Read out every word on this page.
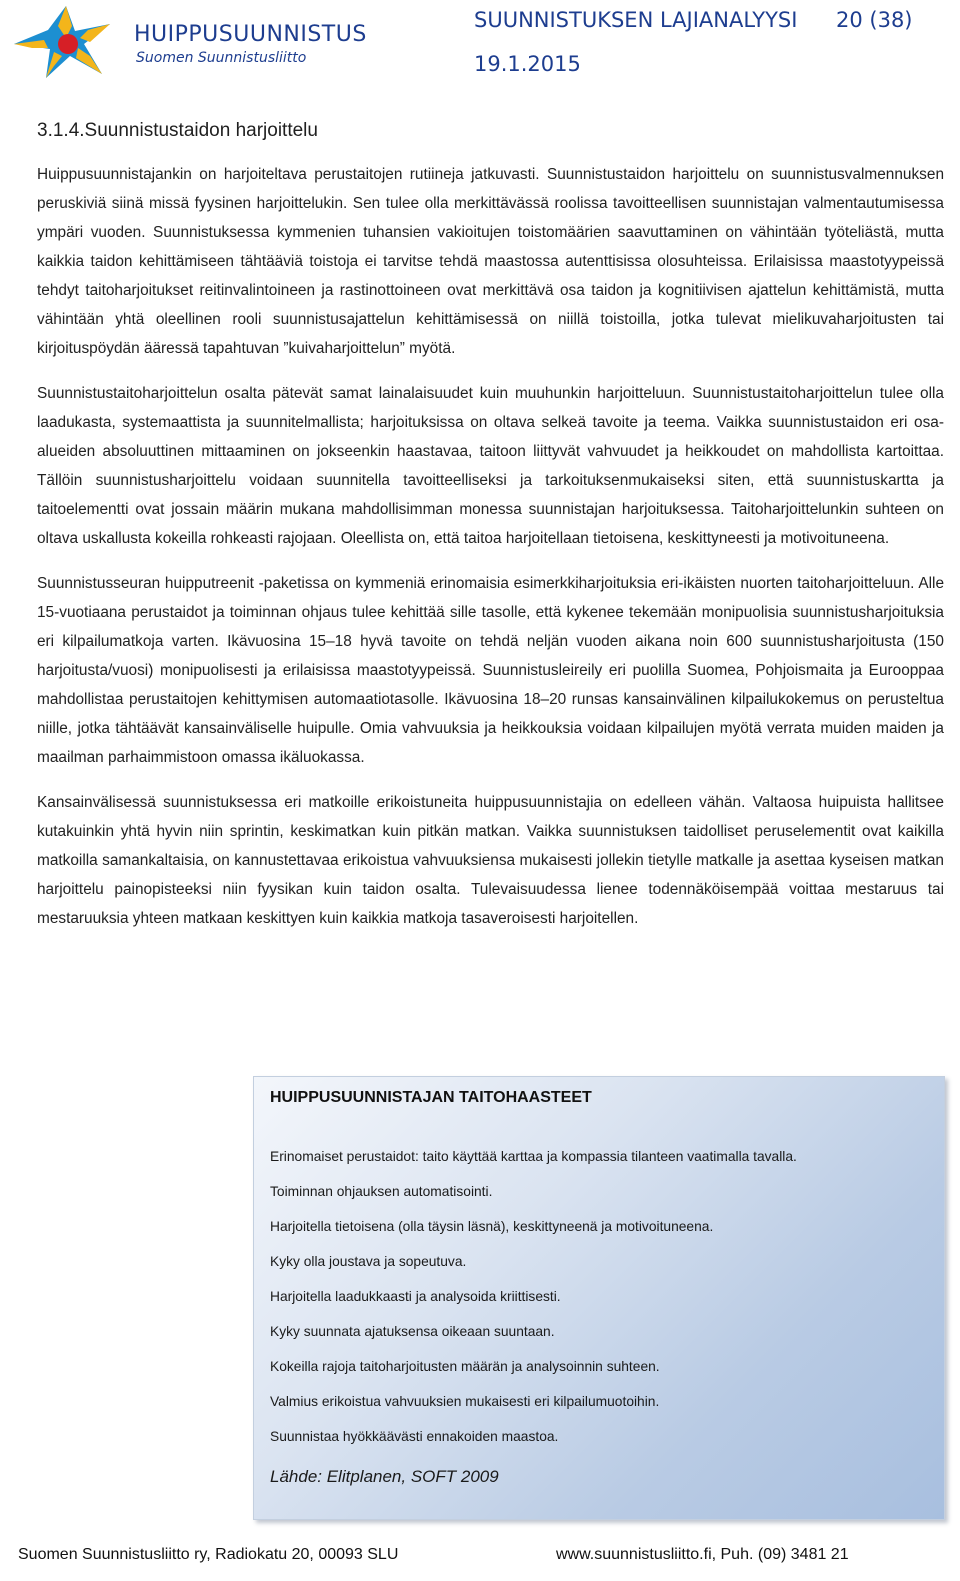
HUIPPUSUUNNISTUS
Suomen Suunnistusliitto
SUUNNISTUKSEN LAJIANALYYSI 20 (38)
19.1.2015
3.1.4.Suunnistustaidon harjoittelu

Huippusuunnistajankin on harjoiteltava perustaitojen rutiineja jatkuvasti. Suunnistustaidon harjoittelu on suunnistusvalmennuksen peruskiviä siinä missä fyysinen harjoittelukin. Sen tulee olla merkittävässä roolissa tavoitteellisen suunnistajan valmentautumisessa ympäri vuoden. Suunnistuksessa kymmenien tuhansien vakioitujen toistomäärien saavuttaminen on vähintään työteliästä, mutta kaikkia taidon kehittämiseen tähtääviä toistoja ei tarvitse tehdä maastossa autenttisissa olosuhteissa. Erilaisissa maastotyypeissä tehdyt taitoharjoitukset reitinvalintoineen ja rastinottoineen ovat merkittävä osa taidon ja kognitiivisen ajattelun kehittämistä, mutta vähintään yhtä oleellinen rooli suunnistusajattelun kehittämisessä on niillä toistoilla, jotka tulevat mielikuvaharjoitusten tai kirjoituspöydän ääressä tapahtuvan ”kuivaharjoittelun” myötä.

Suunnistustaitoharjoittelun osalta pätevät samat lainalaisuudet kuin muuhunkin harjoitteluun. Suunnistustaitoharjoittelun tulee olla laadukasta, systemaattista ja suunnitelmallista; harjoituksissa on oltava selkeä tavoite ja teema. Vaikka suunnistustaidon eri osa-alueiden absoluuttinen mittaaminen on jokseenkin haastavaa, taitoon liittyvät vahvuudet ja heikkoudet on mahdollista kartoittaa. Tällöin suunnistusharjoittelu voidaan suunnitella tavoitteelliseksi ja tarkoituksenmukaiseksi siten, että suunnistuskartta ja taitoelementti ovat jossain määrin mukana mahdollisimman monessa suunnistajan harjoituksessa. Taitoharjoittelunkin suhteen on oltava uskallusta kokeilla rohkeasti rajojaan. Oleellista on, että taitoa harjoitellaan tietoisena, keskittyneesti ja motivoituneena.

Suunnistusseuran huipputreenit -paketissa on kymmeniä erinomaisia esimerkkiharjoituksia eri-ikäisten nuorten taitoharjoitteluun. Alle 15-vuotiaana perustaidot ja toiminnan ohjaus tulee kehittää sille tasolle, että kykenee tekemään monipuolisia suunnistusharjoituksia eri kilpailumatkoja varten. Ikävuosina 15–18 hyvä tavoite on tehdä neljän vuoden aikana noin 600 suunnistusharjoitusta (150 harjoitusta/vuosi) monipuolisesti ja erilaisissa maastotyypeissä. Suunnistusleireily eri puolilla Suomea, Pohjoismaita ja Eurooppaa mahdollistaa perustaitojen kehittymisen automaatiotasolle. Ikävuosina 18–20 runsas kansainvälinen kilpailukokemus on perusteltua niille, jotka tähtäävät kansainväliselle huipulle. Omia vahvuuksia ja heikkouksia voidaan kilpailujen myötä verrata muiden maiden ja maailman parhaimmistoon omassa ikäluokassa.

Kansainvälisessä suunnistuksessa eri matkoille erikoistuneita huippusuunnistajia on edelleen vähän. Valtaosa huipuista hallitsee kutakuinkin yhtä hyvin niin sprintin, keskimatkan kuin pitkän matkan. Vaikka suunnistuksen taidolliset peruselementit ovat kaikilla matkoilla samankaltaisia, on kannustettavaa erikoistua vahvuuksiensa mukaisesti jollekin tietylle matkalle ja asettaa kyseisen matkan harjoittelu painopisteeksi niin fyysikan kuin taidon osalta. Tulevaisuudessa lienee todennäköisempää voittaa mestaruus tai mestaruuksia yhteen matkaan keskittyen kuin kaikkia matkoja tasaveroisesti harjoitellen.

HUIPPUSUUNNISTAJAN TAITOHAASTEET
Erinomaiset perustaidot: taito käyttää karttaa ja kompassia tilanteen vaatimalla tavalla.
Toiminnan ohjauksen automatisointi.
Harjoitella tietoisena (olla täysin läsnä), keskittyneenä ja motivoituneena.
Kyky olla joustava ja sopeutuva.
Harjoitella laadukkaasti ja analysoida kriittisesti.
Kyky suunnata ajatuksensa oikeaan suuntaan.
Kokeilla rajoja taitoharjoitusten määrän ja analysoinnin suhteen.
Valmius erikoistua vahvuuksien mukaisesti eri kilpailumuotoihin.
Suunnistaa hyökkäävästi ennakoiden maastoa.
Lähde: Elitplanen, SOFT 2009
Suomen Suunnistusliitto ry, Radiokatu 20, 00093 SLU	www.suunnistusliitto.fi, Puh. (09) 3481 21
